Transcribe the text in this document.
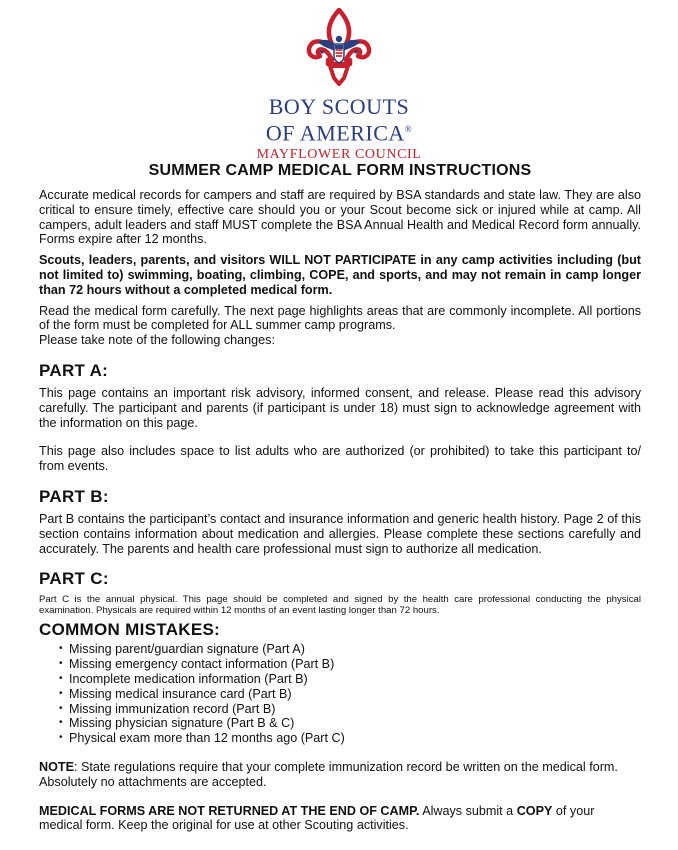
BOY SCOUTS
OF AMERICA®
MAYFLOWER COUNCIL
SUMMER CAMP MEDICAL FORM INSTRUCTIONS

Accurate medical records for campers and staff are required by BSA standards and state law. They are also critical to ensure timely, effective care should you or your Scout become sick or injured while at camp. All campers, adult leaders and staff MUST complete the BSA Annual Health and Medical Record form annually. Forms expire after 12 months.

Scouts, leaders, parents, and visitors WILL NOT PARTICIPATE in any camp activities including (but not limited to) swimming, boating, climbing, COPE, and sports, and may not remain in camp longer than 72 hours without a completed medical form.

Read the medical form carefully. The next page highlights areas that are commonly incomplete. All portions of the form must be completed for ALL summer camp programs.

Please take note of the following changes:

PART A:

This page contains an important risk advisory, informed consent, and release. Please read this advisory carefully. The participant and parents (if participant is under 18) must sign to acknowledge agreement with the information on this page.

This page also includes space to list adults who are authorized (or prohibited) to take this participant to/ from events.

PART B:

Part B contains the participant’s contact and insurance information and generic health history. Page 2 of this section contains information about medication and allergies. Please complete these sections carefully and accurately. The parents and health care professional must sign to authorize all medication.

PART C:

Part C is the annual physical. This page should be completed and signed by the health care professional conducting the physical examination. Physicals are required within 12 months of an event lasting longer than 72 hours.

COMMON MISTAKES:
• Missing parent/guardian signature (Part A)
• Missing emergency contact information (Part B)
• Incomplete medication information (Part B)
• Missing medical insurance card (Part B)
• Missing immunization record (Part B)
• Missing physician signature (Part B & C)
• Physical exam more than 12 months ago (Part C)

NOTE: State regulations require that your complete immunization record be written on the medical form. Absolutely no attachments are accepted.

MEDICAL FORMS ARE NOT RETURNED AT THE END OF CAMP. Always submit a COPY of your medical form. Keep the original for use at other Scouting activities.
